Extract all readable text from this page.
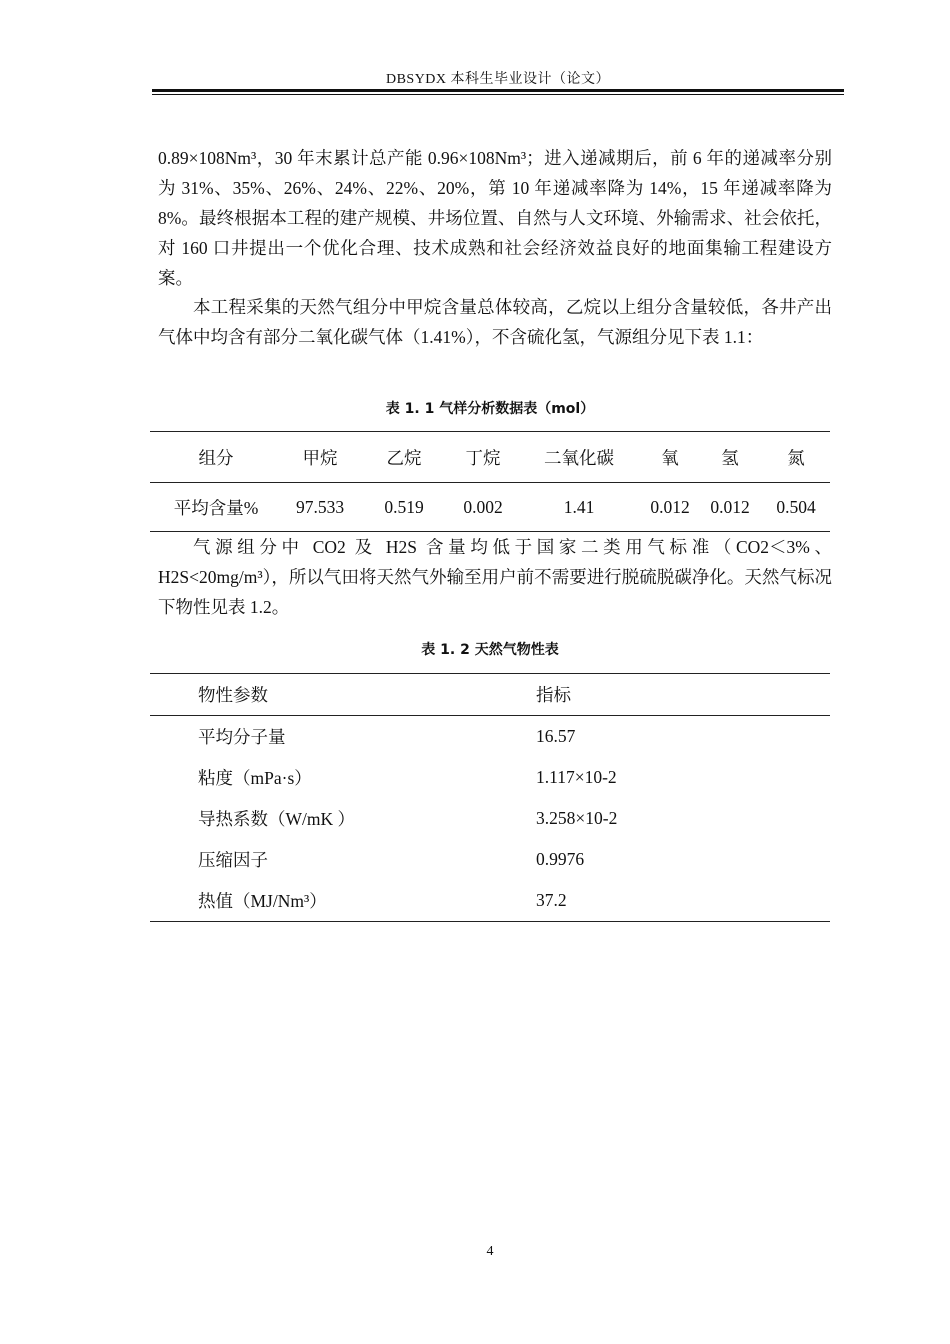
DBSYDX 本科生毕业设计（论文）

0.89×108Nm³，30 年末累计总产能 0.96×108Nm³；进入递减期后，前 6 年的递减率分别为 31%、35%、26%、24%、22%、20%，第 10 年递减率降为 14%，15 年递减率降为 8%。最终根据本工程的建产规模、井场位置、自然与人文环境、外输需求、社会依托，对 160 口井提出一个优化合理、技术成熟和社会经济效益良好的地面集输工程建设方案。

本工程采集的天然气组分中甲烷含量总体较高，乙烷以上组分含量较低，各井产出气体中均含有部分二氧化碳气体（1.41%），不含硫化氢，气源组分见下表 1.1：

表 1. 1 气样分析数据表（mol）
组分	甲烷	乙烷	丁烷	二氧化碳	氧	氢	氮
平均含量%	97.533	0.519	0.002	1.41	0.012	0.012	0.504

气源组分中 CO2 及 H2S 含量均低于国家二类用气标准（CO2＜3%、H2S<20mg/m³），所以气田将天然气外输至用户前不需要进行脱硫脱碳净化。天然气标况下物性见表 1.2。

表 1. 2 天然气物性表
物性参数	指标
平均分子量	16.57
粘度（mPa·s）	1.117×10-2
导热系数（W/mK ）	3.258×10-2
压缩因子	0.9976
热值（MJ/Nm³）	37.2
4
